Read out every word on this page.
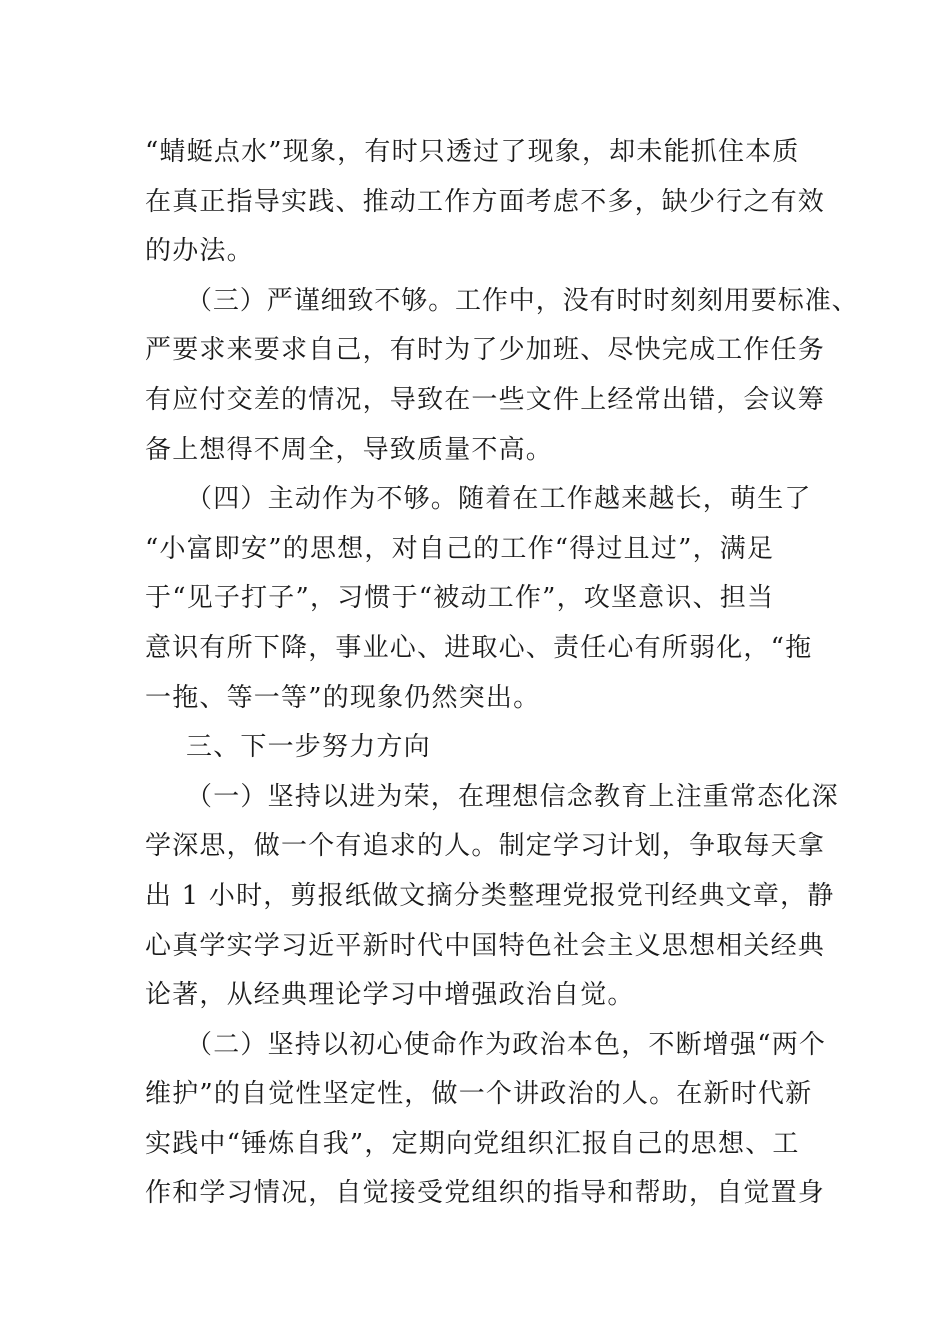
“蜻蜓点水”现象，有时只透过了现象，却未能抓住本质
在真正指导实践、推动工作方面考虑不多，缺少行之有效
的办法。
（三）严谨细致不够。工作中，没有时时刻刻用要标准、
严要求来要求自己，有时为了少加班、尽快完成工作任务
有应付交差的情况，导致在一些文件上经常出错，会议筹
备上想得不周全，导致质量不高。
（四）主动作为不够。随着在工作越来越长，萌生了
“小富即安”的思想，对自己的工作“得过且过”，满足
于“见子打子”，习惯于“被动工作”，攻坚意识、担当
意识有所下降，事业心、进取心、责任心有所弱化，“拖
一拖、等一等”的现象仍然突出。
三、下一步努力方向
（一）坚持以进为荣，在理想信念教育上注重常态化深
学深思，做一个有追求的人。制定学习计划，争取每天拿
出 1 小时，剪报纸做文摘分类整理党报党刊经典文章，静
心真学实学习近平新时代中国特色社会主义思想相关经典
论著，从经典理论学习中增强政治自觉。
（二）坚持以初心使命作为政治本色，不断增强“两个
维护”的自觉性坚定性，做一个讲政治的人。在新时代新
实践中“锤炼自我”，定期向党组织汇报自己的思想、工
作和学习情况，自觉接受党组织的指导和帮助，自觉置身
